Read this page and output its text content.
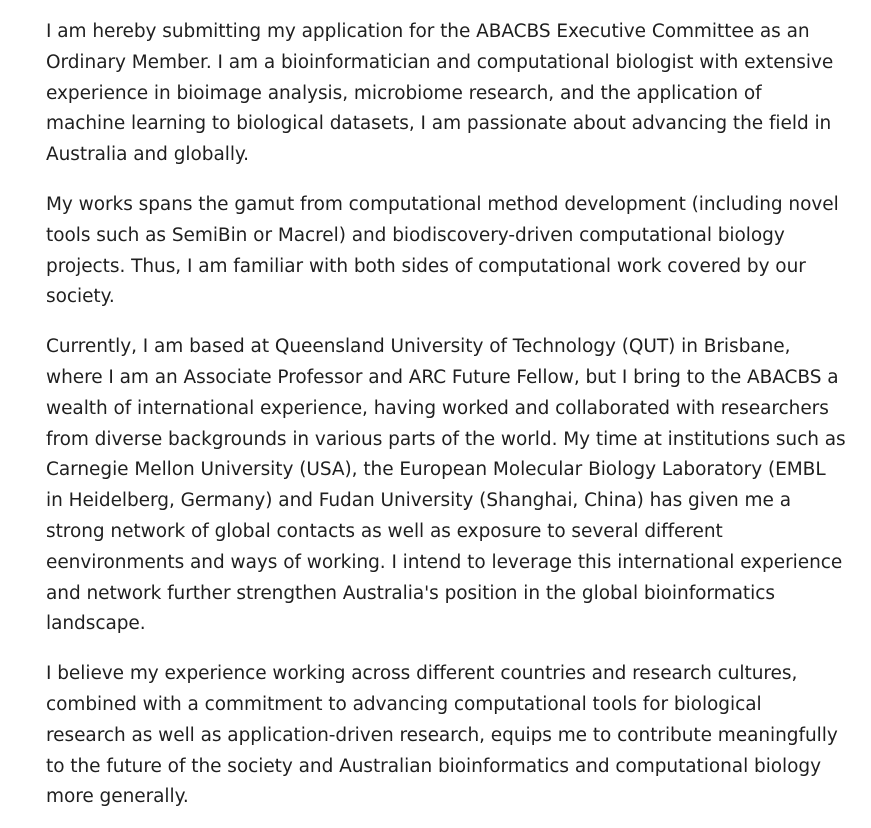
I am hereby submitting my application for the ABACBS Executive Committee as an Ordinary Member. I am a bioinformatician and computational biologist with extensive experience in bioimage analysis, microbiome research, and the application of machine learning to biological datasets, I am passionate about advancing the field in Australia and globally.

My works spans the gamut from computational method development (including novel tools such as SemiBin or Macrel) and biodiscovery-driven computational biology projects. Thus, I am familiar with both sides of computational work covered by our society.

Currently, I am based at Queensland University of Technology (QUT) in Brisbane, where I am an Associate Professor and ARC Future Fellow, but I bring to the ABACBS a wealth of international experience, having worked and collaborated with researchers from diverse backgrounds in various parts of the world. My time at institutions such as Carnegie Mellon University (USA), the European Molecular Biology Laboratory (EMBL in Heidelberg, Germany) and Fudan University (Shanghai, China) has given me a strong network of global contacts as well as exposure to several different eenvironments and ways of working. I intend to leverage this international experience and network further strengthen Australia's position in the global bioinformatics landscape.

I believe my experience working across different countries and research cultures, combined with a commitment to advancing computational tools for biological research as well as application-driven research, equips me to contribute meaningfully to the future of the society and Australian bioinformatics and computational biology more generally.
